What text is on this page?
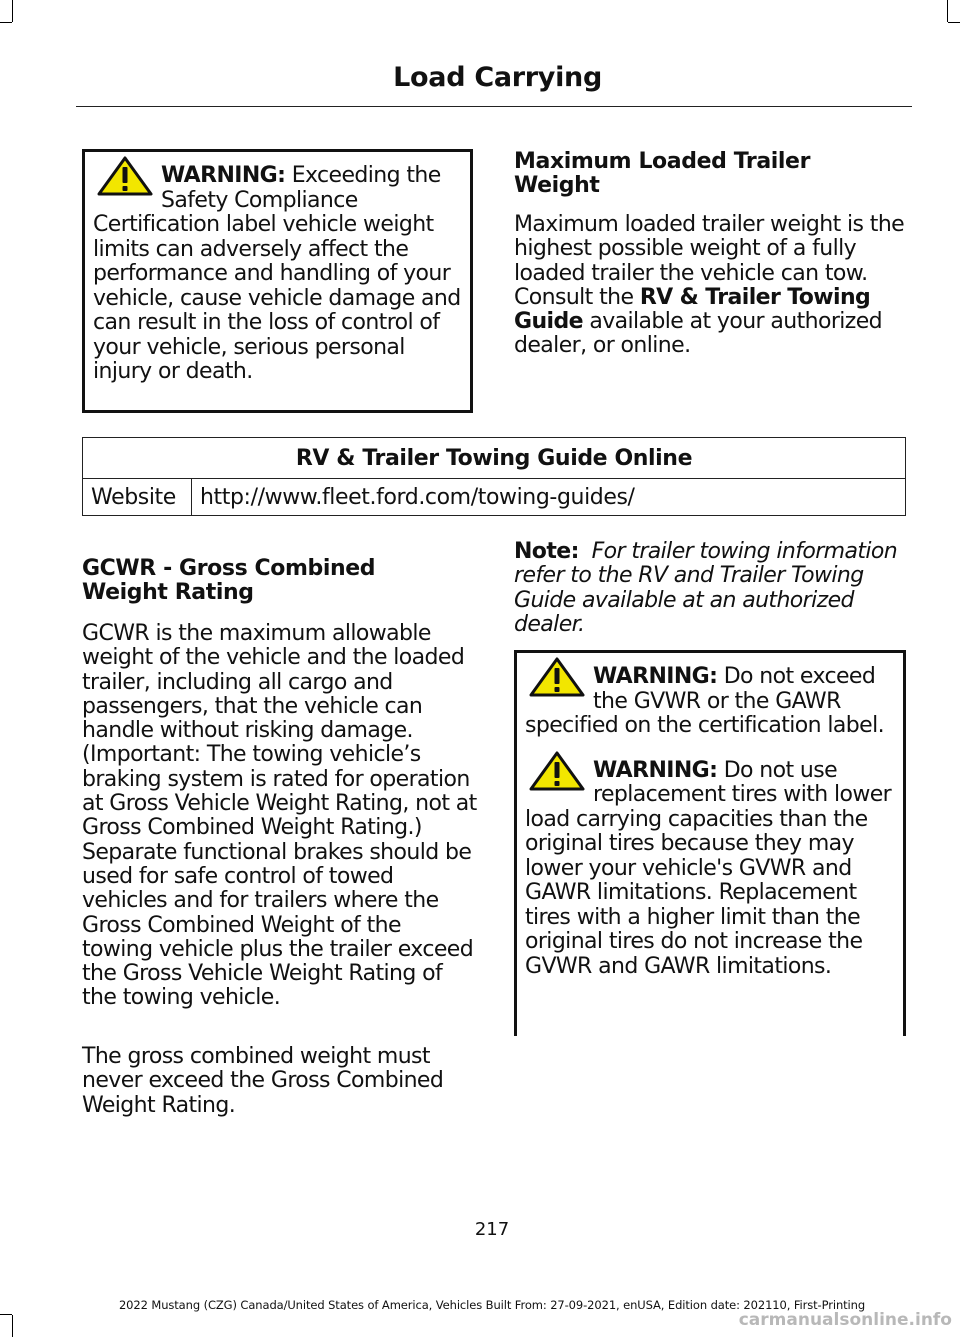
Load Carrying
WARNING: Exceeding the Safety Compliance Certification label vehicle weight limits can adversely affect the performance and handling of your vehicle, cause vehicle damage and can result in the loss of control of your vehicle, serious personal injury or death.
Maximum Loaded Trailer
Weight

Maximum loaded trailer weight is the highest possible weight of a fully loaded trailer the vehicle can tow. Consult the RV & Trailer Towing Guide available at your authorized dealer, or online.

RV & Trailer Towing Guide Online
Website	http://www.fleet.ford.com/towing-guides/
GCWR - Gross Combined
Weight Rating

GCWR is the maximum allowable weight of the vehicle and the loaded trailer, including all cargo and passengers, that the vehicle can handle without risking damage. (Important: The towing vehicle’s braking system is rated for operation at Gross Vehicle Weight Rating, not at Gross Combined Weight Rating.) Separate functional brakes should be used for safe control of towed vehicles and for trailers where the Gross Combined Weight of the towing vehicle plus the trailer exceed the Gross Vehicle Weight Rating of the towing vehicle.

The gross combined weight must never exceed the Gross Combined Weight Rating.

Note: For trailer towing information refer to the RV and Trailer Towing Guide available at an authorized dealer.

WARNING: Do not exceed the GVWR or the GAWR specified on the certification label.
WARNING: Do not use replacement tires with lower load carrying capacities than the original tires because they may lower your vehicle's GVWR and GAWR limitations. Replacement tires with a higher limit than the original tires do not increase the GVWR and GAWR limitations.
217
2022 Mustang (CZG) Canada/United States of America, Vehicles Built From: 27-09-2021, enUSA, Edition date: 202110, First-Printing
carmanualsonline.info
